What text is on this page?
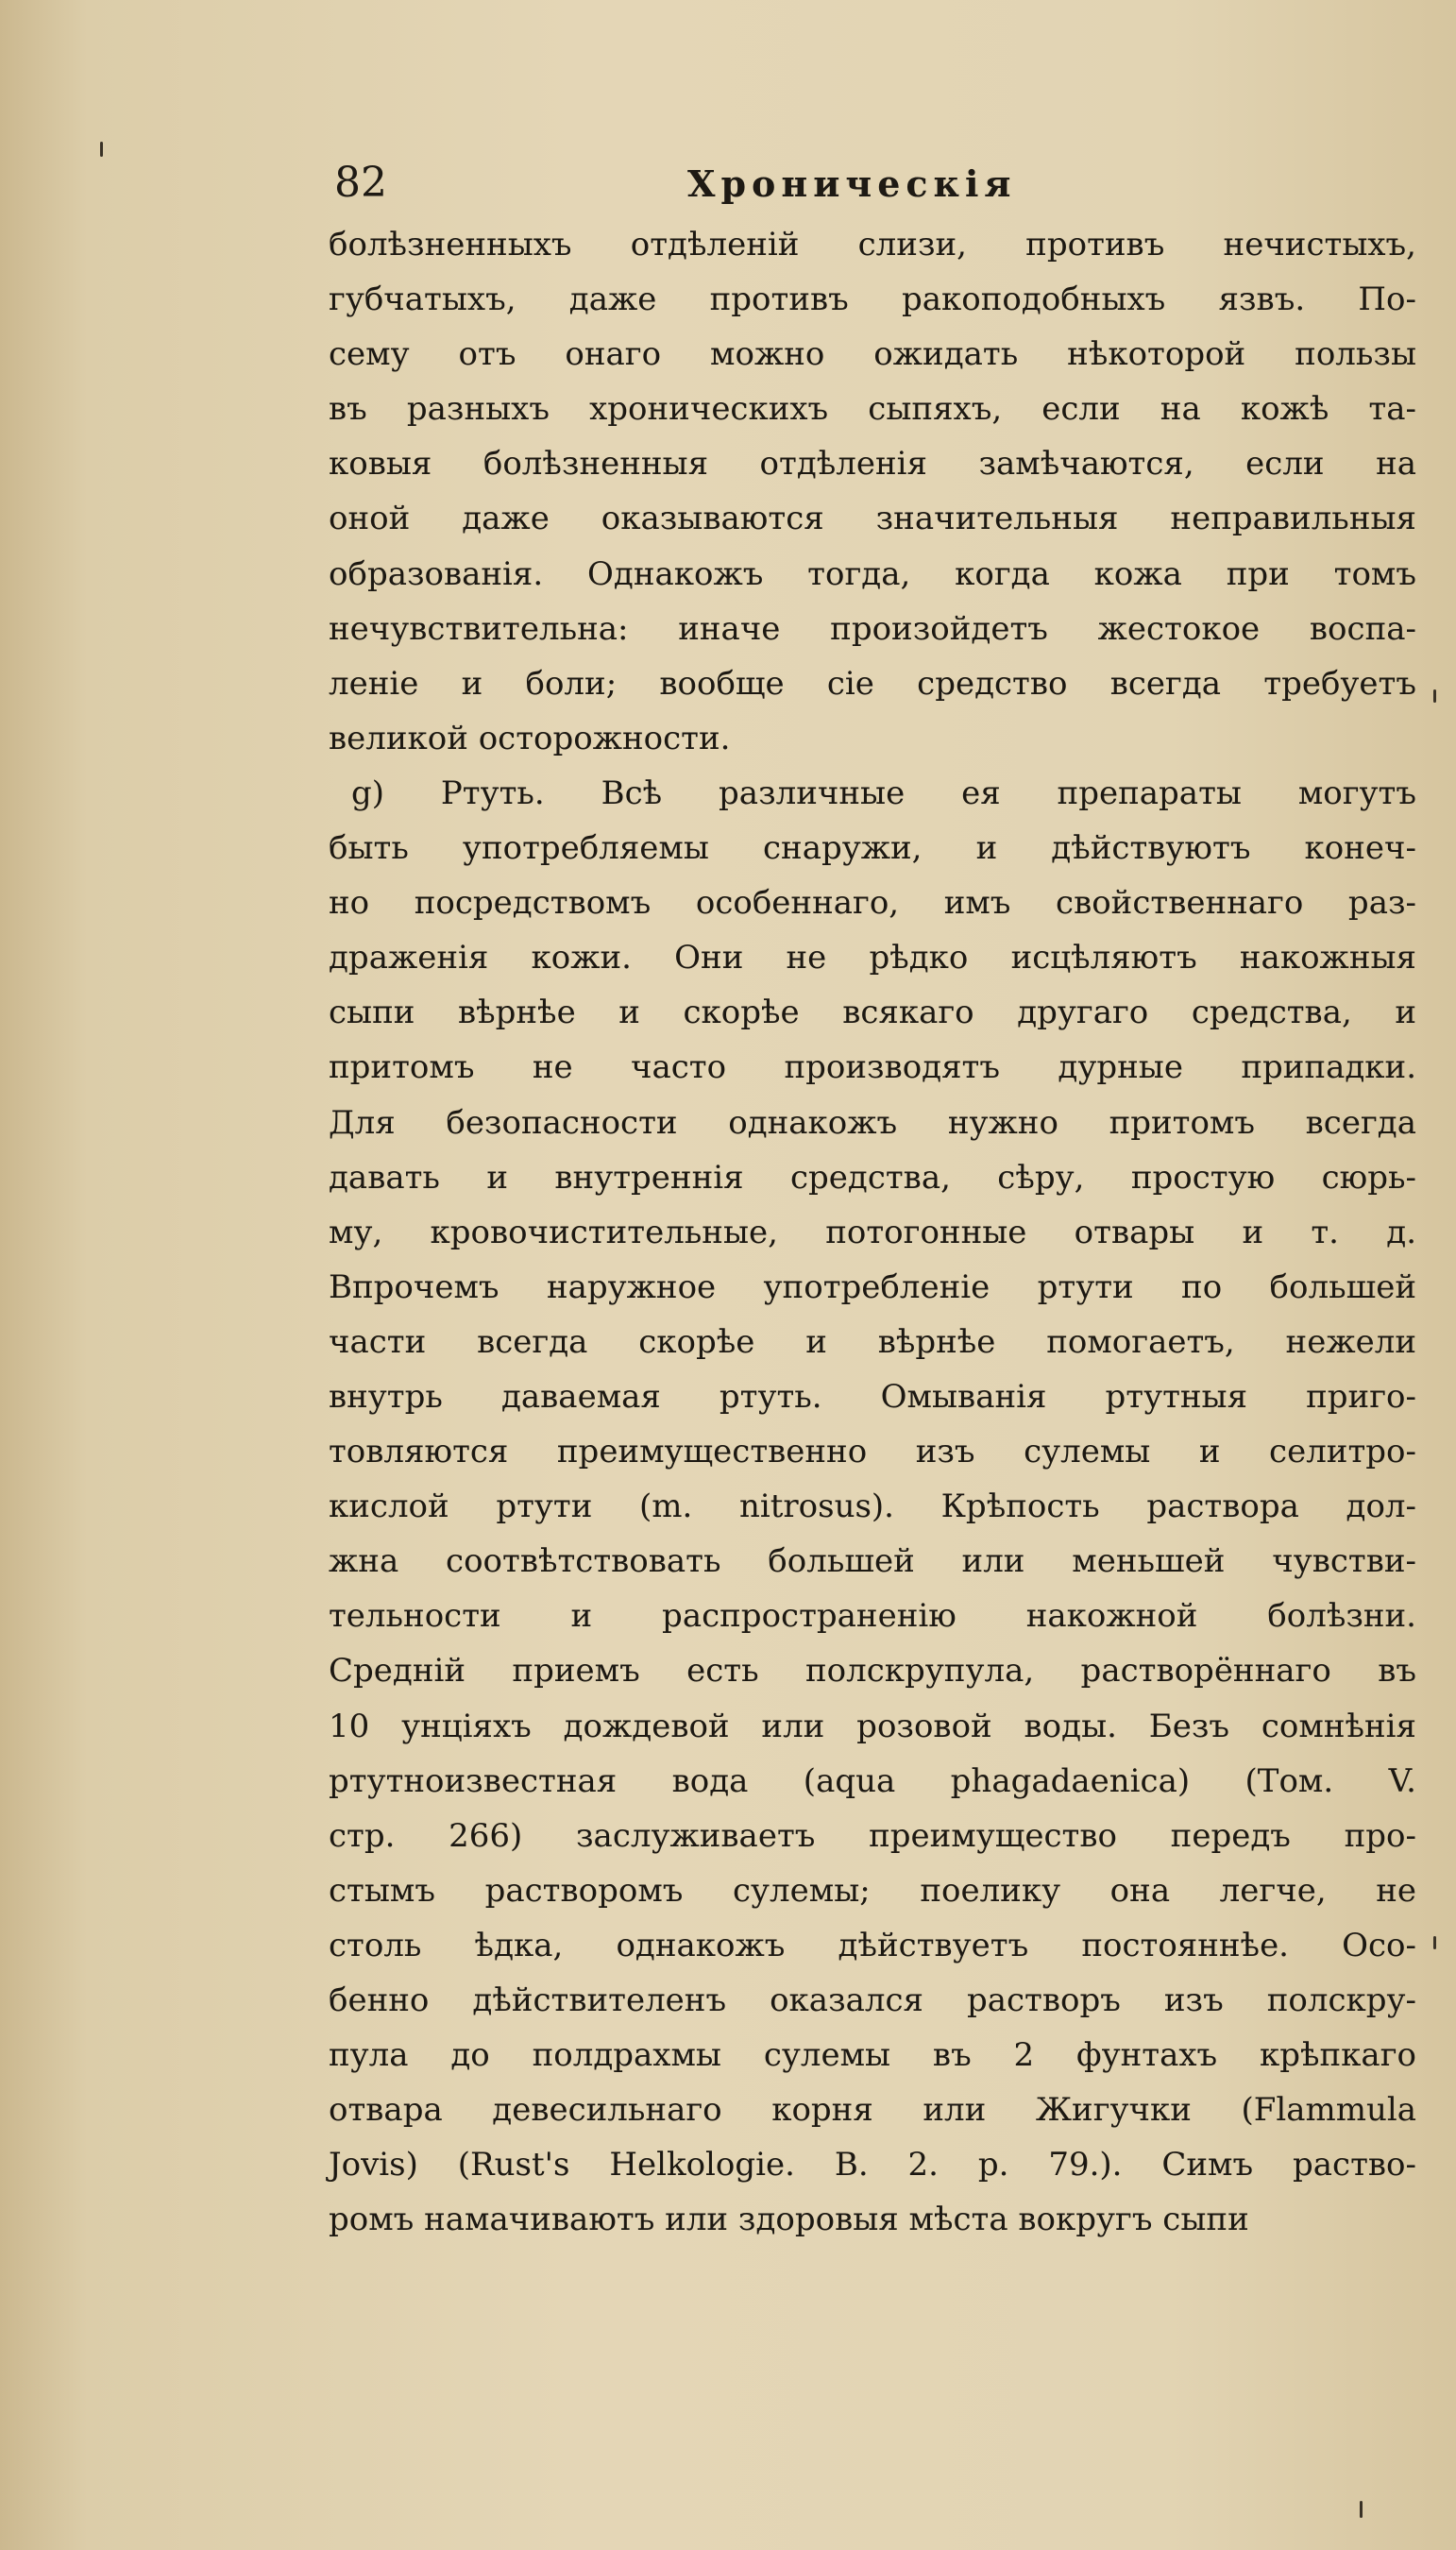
82	Хроническія
болѣзненныхъ отдѣленій слизи, противъ нечистыхъ,
губчатыхъ, даже противъ ракоподобныхъ язвъ. По-
сему отъ онаго можно ожидать нѣкоторой пользы
въ разныхъ хроническихъ сыпяхъ, если на кожѣ та-
ковыя болѣзненныя отдѣленія замѣчаются, если на
оной даже оказываются значительныя неправильныя
образованія. Однакожъ тогда, когда кожа при томъ
нечувствительна: иначе произойдетъ жестокое воспа-
леніе и боли; вообще сіе средство всегда требуетъ
великой осторожности.
g) Ртуть. Всѣ различные ея препараты могутъ
быть употребляемы снаружи, и дѣйствуютъ конеч-
но посредствомъ особеннаго, имъ свойственнаго раз-
драженія кожи. Они не рѣдко исцѣляютъ накожныя
сыпи вѣрнѣе и скорѣе всякаго другаго средства, и
притомъ не часто производятъ дурные припадки.
Для безопасности однакожъ нужно притомъ всегда
давать и внутреннія средства, сѣру, простую сюрь-
му, кровочистительные, потогонные отвары и т. д.
Впрочемъ наружное употребленіе ртути по большей
части всегда скорѣе и вѣрнѣе помогаетъ, нежели
внутрь даваемая ртуть. Омыванія ртутныя приго-
товляются преимущественно изъ сулемы и селитро-
кислой ртути (m. nitrosus). Крѣпость раствора дол-
жна соотвѣтствовать большей или меньшей чувстви-
тельности и распространенію накожной болѣзни.
Средній приемъ есть полскрупула, растворённаго въ
10 унціяхъ дождевой или розовой воды. Безъ сомнѣнія
ртутноизвестная вода (aqua phagadaenica) (Том. V.
стр. 266) заслуживаетъ преимущество передъ про-
стымъ растворомъ сулемы; поелику она легче, не
столь ѣдка, однакожъ дѣйствуетъ постояннѣе. Осо-
бенно дѣйствителенъ оказался растворъ изъ полскру-
пула до полдрахмы сулемы въ 2 фунтахъ крѣпкаго
отвара девесильнаго корня или Жигучки (Flammula
Jovis) (Rust's Helkologie. B. 2. p. 79.). Симъ раство-
ромъ намачиваютъ или здоровыя мѣста вокругъ сыпи
